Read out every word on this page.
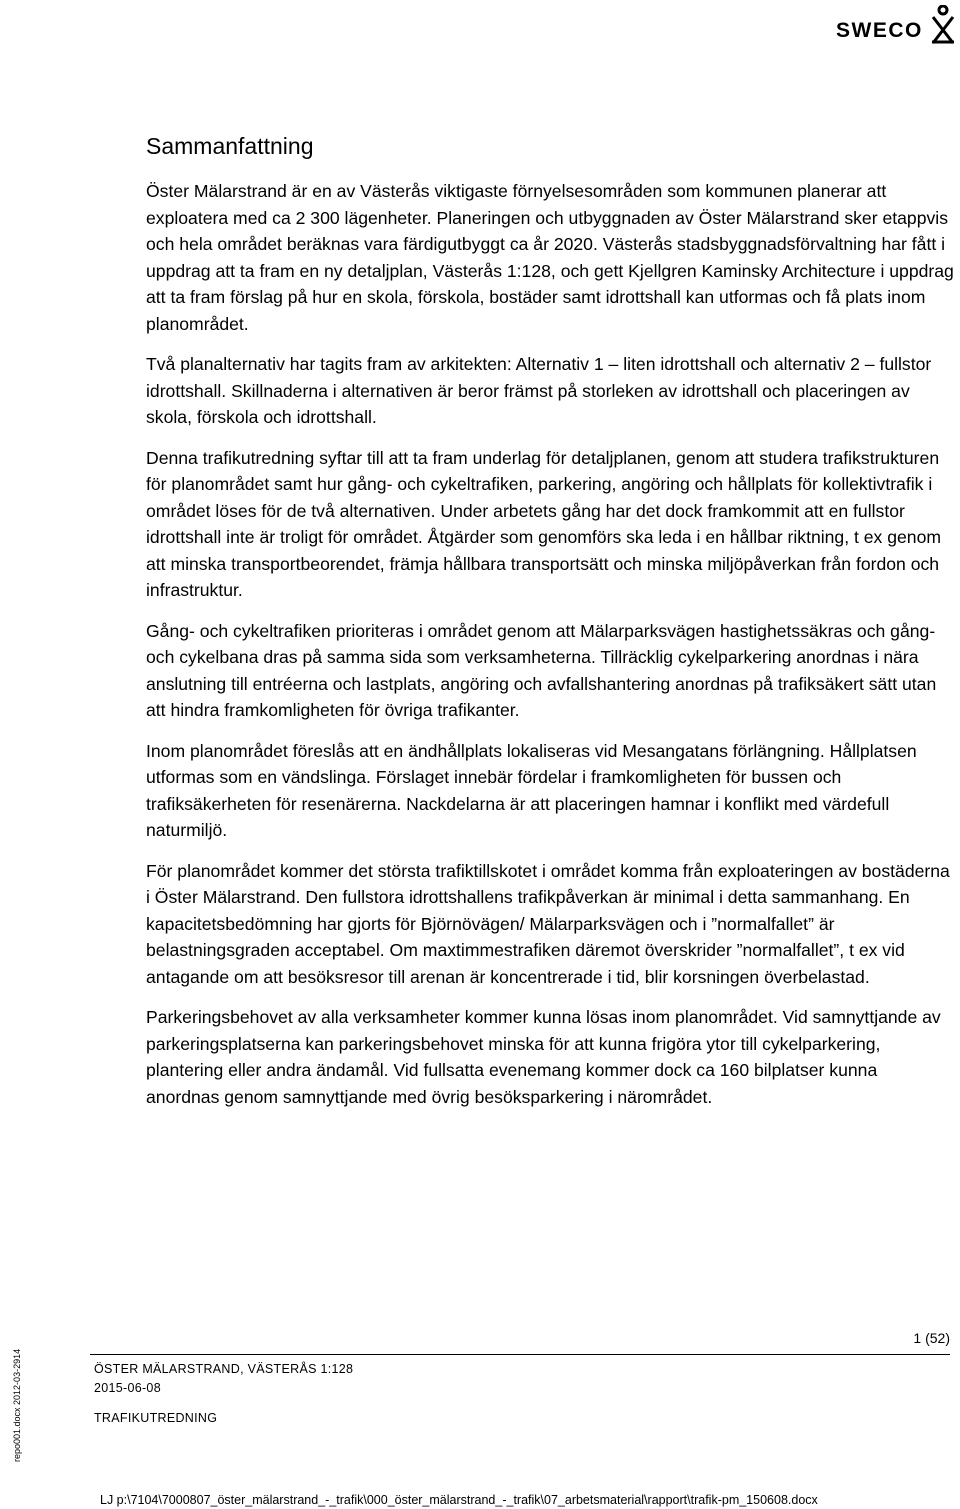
SWECO
Sammanfattning

Öster Mälarstrand är en av Västerås viktigaste förnyelsesområden som kommunen planerar att exploatera med ca 2 300 lägenheter. Planeringen och utbyggnaden av Öster Mälarstrand sker etappvis och hela området beräknas vara färdigutbyggt ca år 2020. Västerås stadsbyggnadsförvaltning har fått i uppdrag att ta fram en ny detaljplan, Västerås 1:128, och gett Kjellgren Kaminsky Architecture i uppdrag att ta fram förslag på hur en skola, förskola, bostäder samt idrottshall kan utformas och få plats inom planområdet.

Två planalternativ har tagits fram av arkitekten: Alternativ 1 – liten idrottshall och alternativ 2 – fullstor idrottshall. Skillnaderna i alternativen är beror främst på storleken av idrottshall och placeringen av skola, förskola och idrottshall.

Denna trafikutredning syftar till att ta fram underlag för detaljplanen, genom att studera trafikstrukturen för planområdet samt hur gång- och cykeltrafiken, parkering, angöring och hållplats för kollektivtrafik i området löses för de två alternativen. Under arbetets gång har det dock framkommit att en fullstor idrottshall inte är troligt för området. Åtgärder som genomförs ska leda i en hållbar riktning, t ex genom att minska transportbeorendet, främja hållbara transportsätt och minska miljöpåverkan från fordon och infrastruktur.

Gång- och cykeltrafiken prioriteras i området genom att Mälarparksvägen hastighetssäkras och gång- och cykelbana dras på samma sida som verksamheterna. Tillräcklig cykelparkering anordnas i nära anslutning till entréerna och lastplats, angöring och avfallshantering anordnas på trafiksäkert sätt utan att hindra framkomligheten för övriga trafikanter.

Inom planområdet föreslås att en ändhållplats lokaliseras vid Mesangatans förlängning. Hållplatsen utformas som en vändslinga. Förslaget innebär fördelar i framkomligheten för bussen och trafiksäkerheten för resenärerna. Nackdelarna är att placeringen hamnar i konflikt med värdefull naturmiljö.

För planområdet kommer det största trafiktillskotet i området komma från exploateringen av bostäderna i Öster Mälarstrand. Den fullstora idrottshallens trafikpåverkan är minimal i detta sammanhang. En kapacitetsbedömning har gjorts för Björnövägen/ Mälarparksvägen och i ”normalfallet” är belastningsgraden acceptabel. Om maxtimmestrafiken däremot överskrider ”normalfallet”, t ex vid antagande om att besöksresor till arenan är koncentrerade i tid, blir korsningen överbelastad.

Parkeringsbehovet av alla verksamheter kommer kunna lösas inom planområdet. Vid samnyttjande av parkeringsplatserna kan parkeringsbehovet minska för att kunna frigöra ytor till cykelparkering, plantering eller andra ändamål. Vid fullsatta evenemang kommer dock ca 160 bilplatser kunna anordnas genom samnyttjande med övrig besöksparkering i närområdet.

1 (52)
ÖSTER MÄLARSTRAND, VÄSTERÅS 1:128
2015-06-08
TRAFIKUTREDNING
repo001.docx 2012-03-2914
LJ p:\7104\7000807_öster_mälarstrand_-_trafik\000_öster_mälarstrand_-_trafik\07_arbetsmaterial\rapport\trafik-pm_150608.docx
